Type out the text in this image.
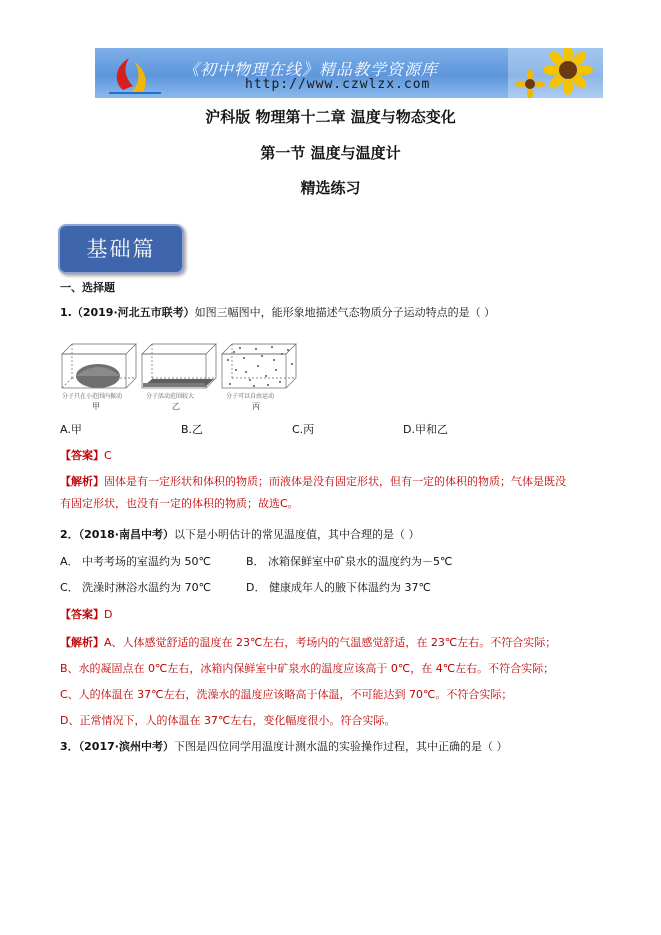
《初中物理在线》精品教学资源库
http://www.czwlzx.com
沪科版 物理第十二章 温度与物态变化
第一节 温度与温度计
精选练习
基础篇
一、选择题
1.（2019·河北五市联考）如图三幅图中，能形象地描述气态物质分子运动特点的是（ ）
分子只在小范围内振动	分子活动范围较大	分子可以自由运动
甲	乙	丙
A.甲	B.乙	C.丙	D.甲和乙
【答案】C
【解析】固体是有一定形状和体积的物质；而液体是没有固定形状，但有一定的体积的物质；气体是既没
有固定形状，也没有一定的体积的物质；故选C。
2．（2018·南昌中考）以下是小明估计的常见温度值，其中合理的是（ ）
A． 中考考场的室温约为 50℃	B． 冰箱保鲜室中矿泉水的温度约为－5℃
C． 洗澡时淋浴水温约为 70℃	D． 健康成年人的腋下体温约为 37℃
【答案】D
【解析】A、人体感觉舒适的温度在 23℃左右，考场内的气温感觉舒适，在 23℃左右。不符合实际；
B、水的凝固点在 0℃左右，冰箱内保鲜室中矿泉水的温度应该高于 0℃，在 4℃左右。不符合实际；
C、人的体温在 37℃左右，洗澡水的温度应该略高于体温，不可能达到 70℃。不符合实际；
D、正常情况下，人的体温在 37℃左右，变化幅度很小。符合实际。
3．（2017·滨州中考）下图是四位同学用温度计测水温的实验操作过程，其中正确的是（ ）
